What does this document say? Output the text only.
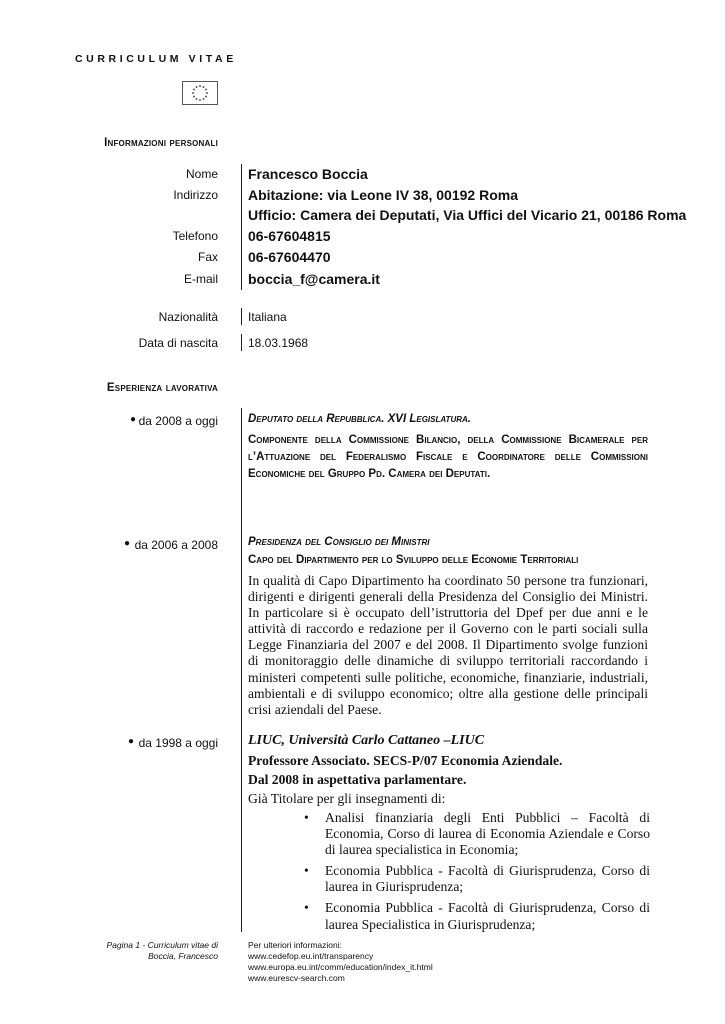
CURRICULUM VITAE
Informazioni personali
Nome Francesco Boccia
Indirizzo Abitazione: via Leone IV 38, 00192 Roma
Ufficio: Camera dei Deputati, Via Uffici del Vicario 21, 00186 Roma
Telefono 06-67604815
Fax 06-67604470
E-mail boccia_f@camera.it
Nazionalità	Italiana
Data di nascita	18.03.1968
Esperienza lavorativa
● da 2008 a oggi	Deputato della Repubblica. XVI Legislatura.
Componente della Commissione Bilancio, della Commissione Bicamerale per l’Attuazione del Federalismo Fiscale e Coordinatore delle Commissioni Economiche del Gruppo Pd. Camera dei Deputati.
● da 2006 a 2008	Presidenza del Consiglio dei Ministri
Capo del Dipartimento per lo Sviluppo delle Economie Territoriali
In qualità di Capo Dipartimento ha coordinato 50 persone tra funzionari, dirigenti e dirigenti generali della Presidenza del Consiglio dei Ministri. In particolare si è occupato dell’istruttoria del Dpef per due anni e le attività di raccordo e redazione per il Governo con le parti sociali sulla Legge Finanziaria del 2007 e del 2008. Il Dipartimento svolge funzioni di monitoraggio delle dinamiche di sviluppo territoriali raccordando i ministeri competenti sulle politiche, economiche, finanziarie, industriali, ambientali e di sviluppo economico; oltre alla gestione delle principali crisi aziendali del Paese.
● da 1998 a oggi LIUC, Università Carlo Cattaneo –LIUC
Professore Associato. SECS-P/07 Economia Aziendale.
Dal 2008 in aspettativa parlamentare.
Già Titolare per gli insegnamenti di:
• Analisi finanziaria degli Enti Pubblici – Facoltà di Economia, Corso di laurea di Economia Aziendale e Corso di laurea specialistica in Economia;
• Economia Pubblica - Facoltà di Giurisprudenza, Corso di laurea in Giurisprudenza;
• Economia Pubblica - Facoltà di Giurisprudenza, Corso di laurea Specialistica in Giurisprudenza;
Pagina 1 - Curriculum vitae di
Boccia, Francesco
Per ulteriori informazioni:
www.cedefop.eu.int/transparency
www.europa.eu.int/comm/education/index_it.html
www.eurescv-search.com
